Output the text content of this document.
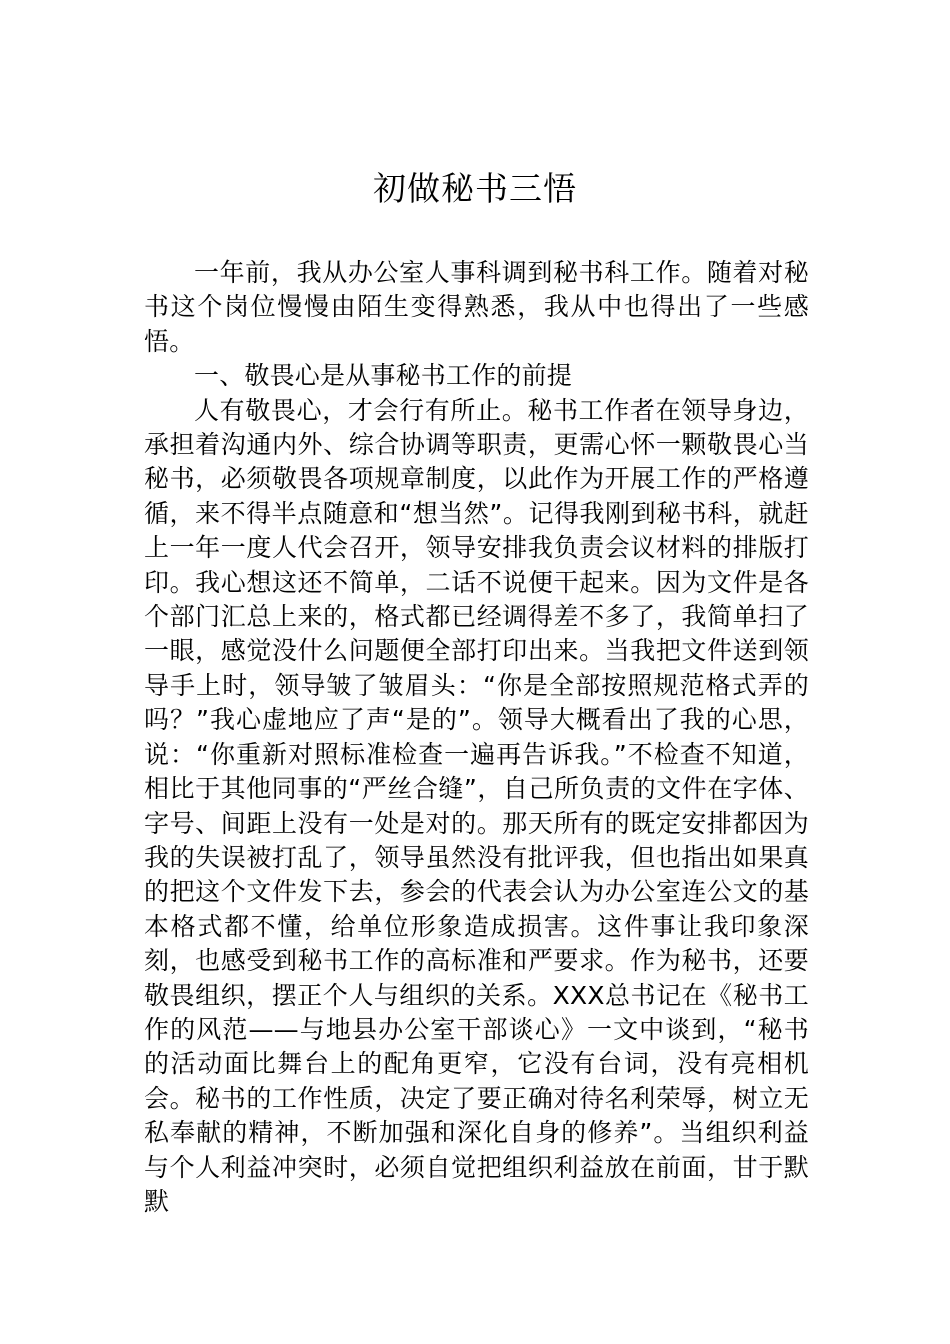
初做秘书三悟

一年前，我从办公室人事科调到秘书科工作。随着对秘书这个岗位慢慢由陌生变得熟悉，我从中也得出了一些感悟。

一、敬畏心是从事秘书工作的前提

人有敬畏心，才会行有所止。秘书工作者在领导身边，承担着沟通内外、综合协调等职责，更需心怀一颗敬畏心当秘书，必须敬畏各项规章制度，以此作为开展工作的严格遵循，来不得半点随意和“想当然”。记得我刚到秘书科，就赶上一年一度人代会召开，领导安排我负责会议材料的排版打印。我心想这还不简单，二话不说便干起来。因为文件是各个部门汇总上来的，格式都已经调得差不多了，我简单扫了一眼，感觉没什么问题便全部打印出来。当我把文件送到领导手上时，领导皱了皱眉头：“你是全部按照规范格式弄的吗？”我心虚地应了声“是的”。领导大概看出了我的心思，说：“你重新对照标准检查一遍再告诉我。”不检查不知道，相比于其他同事的“严丝合缝”，自己所负责的文件在字体、字号、间距上没有一处是对的。那天所有的既定安排都因为我的失误被打乱了，领导虽然没有批评我，但也指出如果真的把这个文件发下去，参会的代表会认为办公室连公文的基本格式都不懂，给单位形象造成损害。这件事让我印象深刻，也感受到秘书工作的高标准和严要求。作为秘书，还要敬畏组织，摆正个人与组织的关系。XXX总书记在《秘书工作的风范——与地县办公室干部谈心》一文中谈到，“秘书的活动面比舞台上的配角更窄，它没有台词，没有亮相机会。秘书的工作性质，决定了要正确对待名利荣辱，树立无私奉献的精神，不断加强和深化自身的修养”。当组织利益与个人利益冲突时，必须自觉把组织利益放在前面，甘于默默
